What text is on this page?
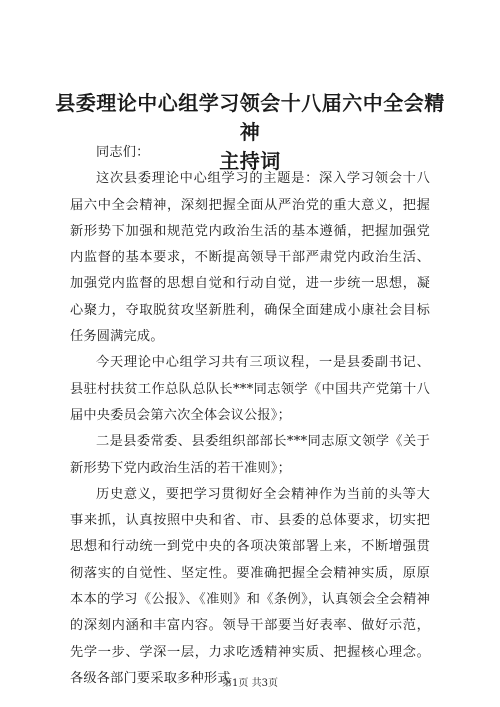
县委理论中心组学习领会十八届六中全会精神
主持词

同志们：

这次县委理论中心组学习的主题是：深入学习领会十八届六中全会精神，深刻把握全面从严治党的重大意义，把握新形势下加强和规范党内政治生活的基本遵循，把握加强党内监督的基本要求，不断提高领导干部严肃党内政治生活、加强党内监督的思想自觉和行动自觉，进一步统一思想，凝心聚力，夺取脱贫攻坚新胜利，确保全面建成小康社会目标任务圆满完成。

今天理论中心组学习共有三项议程，一是县委副书记、县驻村扶贫工作总队总队长***同志领学《中国共产党第十八届中央委员会第六次全体会议公报》；

二是县委常委、县委组织部部长***同志原文领学《关于新形势下党内政治生活的若干准则》；

历史意义，要把学习贯彻好全会精神作为当前的头等大事来抓，认真按照中央和省、市、县委的总体要求，切实把思想和行动统一到党中央的各项决策部署上来，不断增强贯彻落实的自觉性、坚定性。要准确把握全会精神实质，原原本本的学习《公报》、《准则》和《条例》，认真领会全会精神的深刻内涵和丰富内容。领导干部要当好表率、做好示范，先学一步、学深一层，力求吃透精神实质、把握核心理念。各级各部门要采取多种形式

第1页 共3页
